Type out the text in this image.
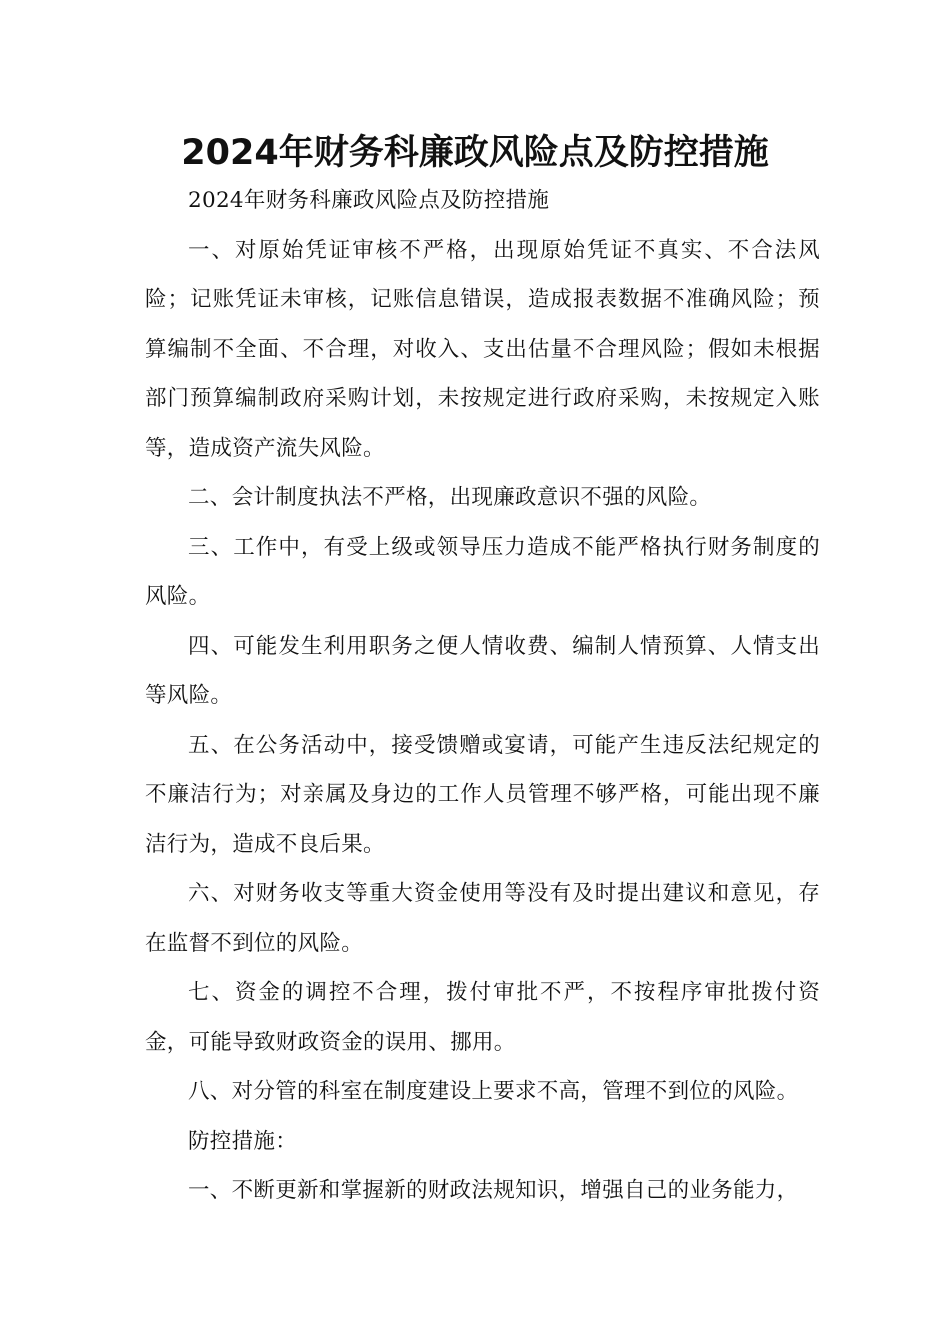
2024年财务科廉政风险点及防控措施

2024年财务科廉政风险点及防控措施

一、对原始凭证审核不严格，出现原始凭证不真实、不合法风险；记账凭证未审核，记账信息错误，造成报表数据不准确风险；预算编制不全面、不合理，对收入、支出估量不合理风险；假如未根据部门预算编制政府采购计划，未按规定进行政府采购，未按规定入账等，造成资产流失风险。

二、会计制度执法不严格，出现廉政意识不强的风险。

三、工作中，有受上级或领导压力造成不能严格执行财务制度的风险。

四、可能发生利用职务之便人情收费、编制人情预算、人情支出等风险。

五、在公务活动中，接受馈赠或宴请，可能产生违反法纪规定的不廉洁行为；对亲属及身边的工作人员管理不够严格，可能出现不廉洁行为，造成不良后果。

六、对财务收支等重大资金使用等没有及时提出建议和意见，存在监督不到位的风险。

七、资金的调控不合理，拨付审批不严，不按程序审批拨付资金，可能导致财政资金的误用、挪用。

八、对分管的科室在制度建设上要求不高，管理不到位的风险。

防控措施：

一、不断更新和掌握新的财政法规知识，增强自己的业务能力，
